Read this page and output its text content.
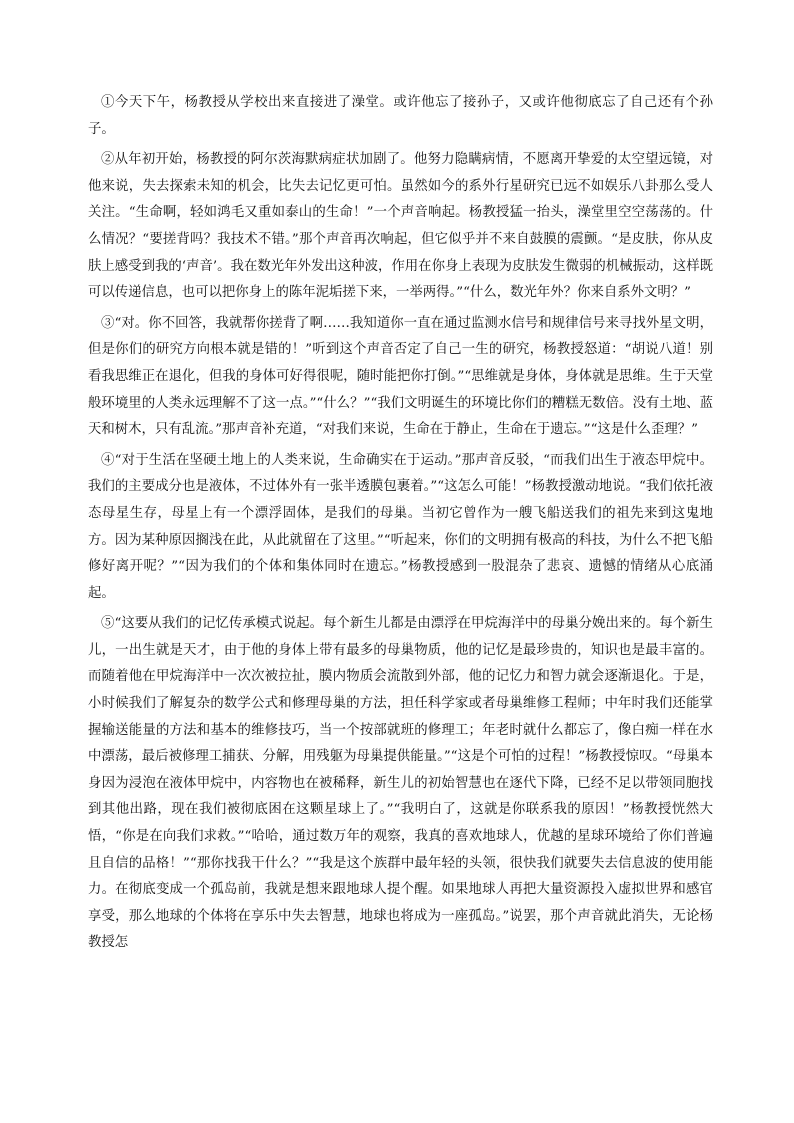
①今天下午，杨教授从学校出来直接进了澡堂。或许他忘了接孙子，又或许他彻底忘了自己还有个孙子。

②从年初开始，杨教授的阿尔茨海默病症状加剧了。他努力隐瞒病情，不愿离开挚爱的太空望远镜，对他来说，失去探索未知的机会，比失去记忆更可怕。虽然如今的系外行星研究已远不如娱乐八卦那么受人关注。“生命啊，轻如鸿毛又重如泰山的生命！”一个声音响起。杨教授猛一抬头，澡堂里空空荡荡的。什么情况？“要搓背吗？我技术不错。”那个声音再次响起，但它似乎并不来自鼓膜的震颤。“是皮肤，你从皮肤上感受到我的‘声音’。我在数光年外发出这种波，作用在你身上表现为皮肤发生微弱的机械振动，这样既可以传递信息，也可以把你身上的陈年泥垢搓下来，一举两得。”“什么，数光年外？你来自系外文明？”

③“对。你不回答，我就帮你搓背了啊……我知道你一直在通过监测水信号和规律信号来寻找外星文明，但是你们的研究方向根本就是错的！”听到这个声音否定了自己一生的研究，杨教授怒道：“胡说八道！别看我思维正在退化，但我的身体可好得很呢，随时能把你打倒。”“思维就是身体，身体就是思维。生于天堂般环境里的人类永远理解不了这一点。”“什么？”“我们文明诞生的环境比你们的糟糕无数倍。没有土地、蓝天和树木，只有乱流。”那声音补充道，“对我们来说，生命在于静止，生命在于遗忘。”“这是什么歪理？”

④“对于生活在坚硬土地上的人类来说，生命确实在于运动。”那声音反驳，“而我们出生于液态甲烷中。我们的主要成分也是液体，不过体外有一张半透膜包裹着。”“这怎么可能！”杨教授激动地说。“我们依托液态母星生存，母星上有一个漂浮固体，是我们的母巢。当初它曾作为一艘飞船送我们的祖先来到这鬼地方。因为某种原因搁浅在此，从此就留在了这里。”“听起来，你们的文明拥有极高的科技，为什么不把飞船修好离开呢？”“因为我们的个体和集体同时在遗忘。”杨教授感到一股混杂了悲哀、遗憾的情绪从心底涌起。

⑤“这要从我们的记忆传承模式说起。每个新生儿都是由漂浮在甲烷海洋中的母巢分娩出来的。每个新生儿，一出生就是天才，由于他的身体上带有最多的母巢物质，他的记忆是最珍贵的，知识也是最丰富的。而随着他在甲烷海洋中一次次被拉扯，膜内物质会流散到外部，他的记忆力和智力就会逐渐退化。于是，小时候我们了解复杂的数学公式和修理母巢的方法，担任科学家或者母巢维修工程师；中年时我们还能掌握输送能量的方法和基本的维修技巧，当一个按部就班的修理工；年老时就什么都忘了，像白痴一样在水中漂荡，最后被修理工捕获、分解，用残躯为母巢提供能量。”“这是个可怕的过程！”杨教授惊叹。“母巢本身因为浸泡在液体甲烷中，内容物也在被稀释，新生儿的初始智慧也在逐代下降，已经不足以带领同胞找到其他出路，现在我们被彻底困在这颗星球上了。”“我明白了，这就是你联系我的原因！”杨教授恍然大悟，“你是在向我们求救。”“哈哈，通过数万年的观察，我真的喜欢地球人，优越的星球环境给了你们普遍且自信的品格！”“那你找我干什么？”“我是这个族群中最年轻的头领，很快我们就要失去信息波的使用能力。在彻底变成一个孤岛前，我就是想来跟地球人提个醒。如果地球人再把大量资源投入虚拟世界和感官享受，那么地球的个体将在享乐中失去智慧，地球也将成为一座孤岛。”说罢，那个声音就此消失，无论杨教授怎
